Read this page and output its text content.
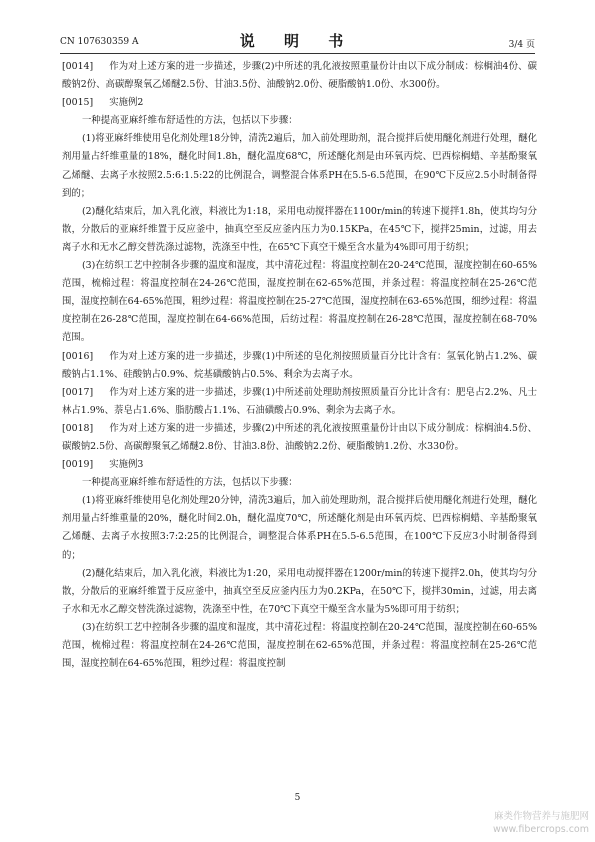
CN 107630359 A	说 明 书	3/4 页

[0014] 作为对上述方案的进一步描述，步骤(2)中所述的乳化液按照重量份计由以下成分制成：棕榈油4份、碳酸钠2份、高碳醇聚氧乙烯醚2.5份、甘油3.5份、油酸钠2.0份、硬脂酸钠1.0份、水300份。

[0015] 实施例2

一种提高亚麻纤维布舒适性的方法，包括以下步骤：

(1)将亚麻纤维使用皂化剂处理18分钟，清洗2遍后，加入前处理助剂，混合搅拌后使用醚化剂进行处理，醚化剂用量占纤维重量的18%，醚化时间1.8h，醚化温度68℃，所述醚化剂是由环氧丙烷、巴西棕榈蜡、辛基酚聚氧乙烯醚、去离子水按照2.5:6:1.5:22的比例混合，调整混合体系PH在5.5-6.5范围，在90℃下反应2.5小时制备得到的；

(2)醚化结束后，加入乳化液，料液比为1:18，采用电动搅拌器在1100r/min的转速下搅拌1.8h，使其均匀分散，分散后的亚麻纤维置于反应釜中，抽真空至反应釜内压力为0.15KPa，在45℃下，搅拌25min，过滤，用去离子水和无水乙醇交替洗涤过滤物，洗涤至中性，在65℃下真空干燥至含水量为4%即可用于纺织；

(3)在纺织工艺中控制各步骤的温度和湿度，其中清花过程：将温度控制在20-24℃范围，湿度控制在60-65%范围，梳棉过程：将温度控制在24-26℃范围，湿度控制在62-65%范围，并条过程：将温度控制在25-26℃范围，湿度控制在64-65%范围，粗纱过程：将温度控制在25-27℃范围，湿度控制在63-65%范围，细纱过程：将温度控制在26-28℃范围，湿度控制在64-66%范围，后纺过程：将温度控制在26-28℃范围，湿度控制在68-70%范围。

[0016] 作为对上述方案的进一步描述，步骤(1)中所述的皂化剂按照质量百分比计含有：氢氧化钠占1.2%、碳酸钠占1.1%、硅酸钠占0.9%、烷基磺酸钠占0.5%、剩余为去离子水。

[0017] 作为对上述方案的进一步描述，步骤(1)中所述前处理助剂按照质量百分比计含有：肥皂占2.2%、凡士林占1.9%、萘皂占1.6%、脂肪酸占1.1%、石油磺酸占0.9%、剩余为去离子水。

[0018] 作为对上述方案的进一步描述，步骤(2)中所述的乳化液按照重量份计由以下成分制成：棕榈油4.5份、碳酸钠2.5份、高碳醇聚氧乙烯醚2.8份、甘油3.8份、油酸钠2.2份、硬脂酸钠1.2份、水330份。

[0019] 实施例3

一种提高亚麻纤维布舒适性的方法，包括以下步骤：

(1)将亚麻纤维使用皂化剂处理20分钟，清洗3遍后，加入前处理助剂，混合搅拌后使用醚化剂进行处理，醚化剂用量占纤维重量的20%，醚化时间2.0h，醚化温度70℃，所述醚化剂是由环氧丙烷、巴西棕榈蜡、辛基酚聚氧乙烯醚、去离子水按照3:7:2:25的比例混合，调整混合体系PH在5.5-6.5范围，在100℃下反应3小时制备得到的；

(2)醚化结束后，加入乳化液，料液比为1:20，采用电动搅拌器在1200r/min的转速下搅拌2.0h，使其均匀分散，分散后的亚麻纤维置于反应釜中，抽真空至反应釜内压力为0.2KPa，在50℃下，搅拌30min，过滤，用去离子水和无水乙醇交替洗涤过滤物，洗涤至中性，在70℃下真空干燥至含水量为5%即可用于纺织；

(3)在纺织工艺中控制各步骤的温度和湿度，其中清花过程：将温度控制在20-24℃范围，湿度控制在60-65%范围，梳棉过程：将温度控制在24-26℃范围，湿度控制在62-65%范围，并条过程：将温度控制在25-26℃范围，湿度控制在64-65%范围，粗纱过程：将温度控制

5
麻类作物营养与施肥网
www.fibercrops.com
